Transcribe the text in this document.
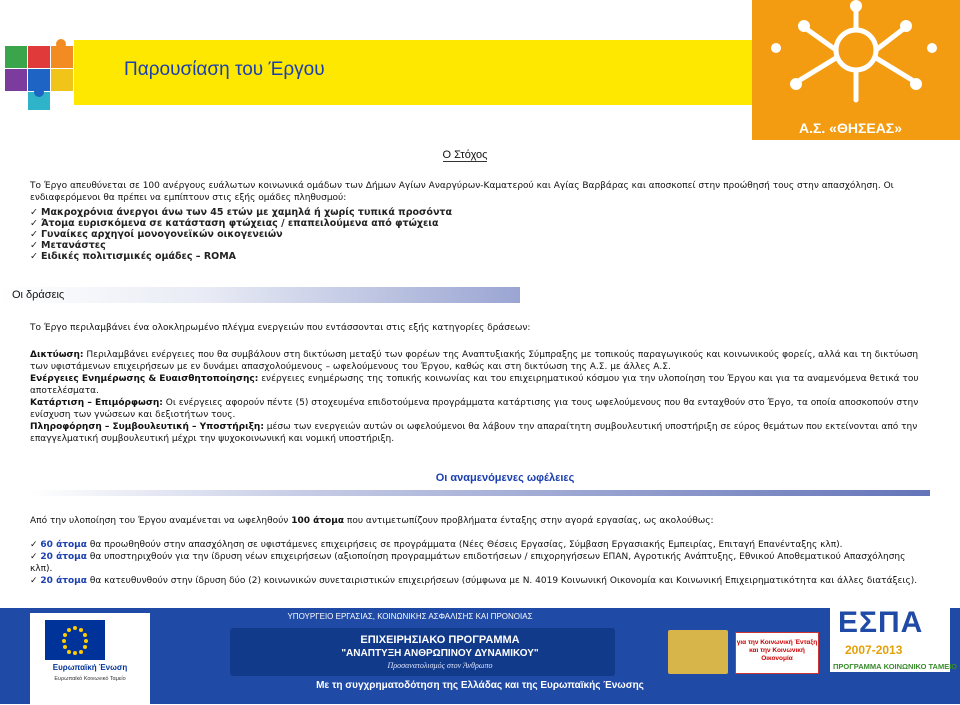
Παρουσίαση του Έργου
Α.Σ. «ΘΗΣΕΑΣ»
Ο Στόχος
Το Έργο απευθύνεται σε 100 ανέργους ευάλωτων κοινωνικά ομάδων των Δήμων Αγίων Αναργύρων-Καματερού και Αγίας Βαρβάρας και αποσκοπεί στην προώθησή τους στην απασχόληση. Οι ενδιαφερόμενοι θα πρέπει να εμπίπτουν στις εξής ομάδες πληθυσμού:
✓ Μακροχρόνια άνεργοι άνω των 45 ετών με χαμηλά ή χωρίς τυπικά προσόντα
✓ Άτομα ευρισκόμενα σε κατάσταση φτώχειας / επαπειλούμενα από φτώχεια
✓ Γυναίκες αρχηγοί μονογονεϊκών οικογενειών
✓ Μετανάστες
✓ Ειδικές πολιτισμικές ομάδες – ROMA
Οι δράσεις
Το Έργο περιλαμβάνει ένα ολοκληρωμένο πλέγμα ενεργειών που εντάσσονται στις εξής κατηγορίες δράσεων:
Δικτύωση: Περιλαμβάνει ενέργειες που θα συμβάλουν στη δικτύωση μεταξύ των φορέων της Αναπτυξιακής Σύμπραξης με τοπικούς παραγωγικούς και κοινωνικούς φορείς, αλλά και τη δικτύωση των υφιστάμενων επιχειρήσεων με εν δυνάμει απασχολούμενους – ωφελούμενους του Έργου, καθώς και στη δικτύωση της Α.Σ. με άλλες Α.Σ.
Ενέργειες Ενημέρωσης & Ευαισθητοποίησης: ενέργειες ενημέρωσης της τοπικής κοινωνίας και του επιχειρηματικού κόσμου για την υλοποίηση του Έργου και για τα αναμενόμενα θετικά του αποτελέσματα.
Κατάρτιση – Επιμόρφωση: Οι ενέργειες αφορούν πέντε (5) στοχευμένα επιδοτούμενα προγράμματα κατάρτισης για τους ωφελούμενους που θα ενταχθούν στο Έργο, τα οποία αποσκοπούν στην ενίσχυση των γνώσεων και δεξιοτήτων τους.
Πληροφόρηση – Συμβουλευτική – Υποστήριξη: μέσω των ενεργειών αυτών οι ωφελούμενοι θα λάβουν την απαραίτητη συμβουλευτική υποστήριξη σε εύρος θεμάτων που εκτείνονται από την επαγγελματική συμβουλευτική μέχρι την ψυχοκοινωνική και νομική υποστήριξη.
Οι αναμενόμενες ωφέλειες
Από την υλοποίηση του Έργου αναμένεται να ωφεληθούν 100 άτομα που αντιμετωπίζουν προβλήματα ένταξης στην αγορά εργασίας, ως ακολούθως:
✓ 60 άτομα θα προωθηθούν στην απασχόληση σε υφιστάμενες επιχειρήσεις σε προγράμματα (Νέες Θέσεις Εργασίας, Σύμβαση Εργασιακής Εμπειρίας, Επιταγή Επανένταξης κλπ).
✓ 20 άτομα θα υποστηριχθούν για την ίδρυση νέων επιχειρήσεων (αξιοποίηση προγραμμάτων επιδοτήσεων / επιχορηγήσεων ΕΠΑΝ, Αγροτικής Ανάπτυξης, Εθνικού Αποθεματικού Απασχόλησης κλπ).
✓ 20 άτομα θα κατευθυνθούν στην ίδρυση δύο (2) κοινωνικών συνεταιριστικών επιχειρήσεων (σύμφωνα με Ν. 4019 Κοινωνική Οικονομία και Κοινωνική Επιχειρηματικότητα και άλλες διατάξεις).
Ευρωπαϊκή Ένωση
Ευρωπαϊκό Κοινωνικό Ταμείο
ΥΠΟΥΡΓΕΙΟ ΕΡΓΑΣΙΑΣ, ΚΟΙΝΩΝΙΚΗΣ ΑΣΦΑΛΙΣΗΣ ΚΑΙ ΠΡΟΝΟΙΑΣ
ΕΠΙΧΕΙΡΗΣΙΑΚΟ ΠΡΟΓΡΑΜΜΑ
"ΑΝΑΠΤΥΞΗ ΑΝΘΡΩΠΙΝΟΥ ΔΥΝΑΜΙΚΟΥ"
Προσανατολισμός στον Άνθρωπο
για την Κοινωνική Ένταξη και την Κοινωνική Οικονομία
ΕΣΠΑ
2007-2013
ΠΡΟΓΡΑΜΜΑ ΚΟΙΝΩΝΙΚΟ ΤΑΜΕΙΟ
Με τη συγχρηματοδότηση της Ελλάδας και της Ευρωπαϊκής Ένωσης
